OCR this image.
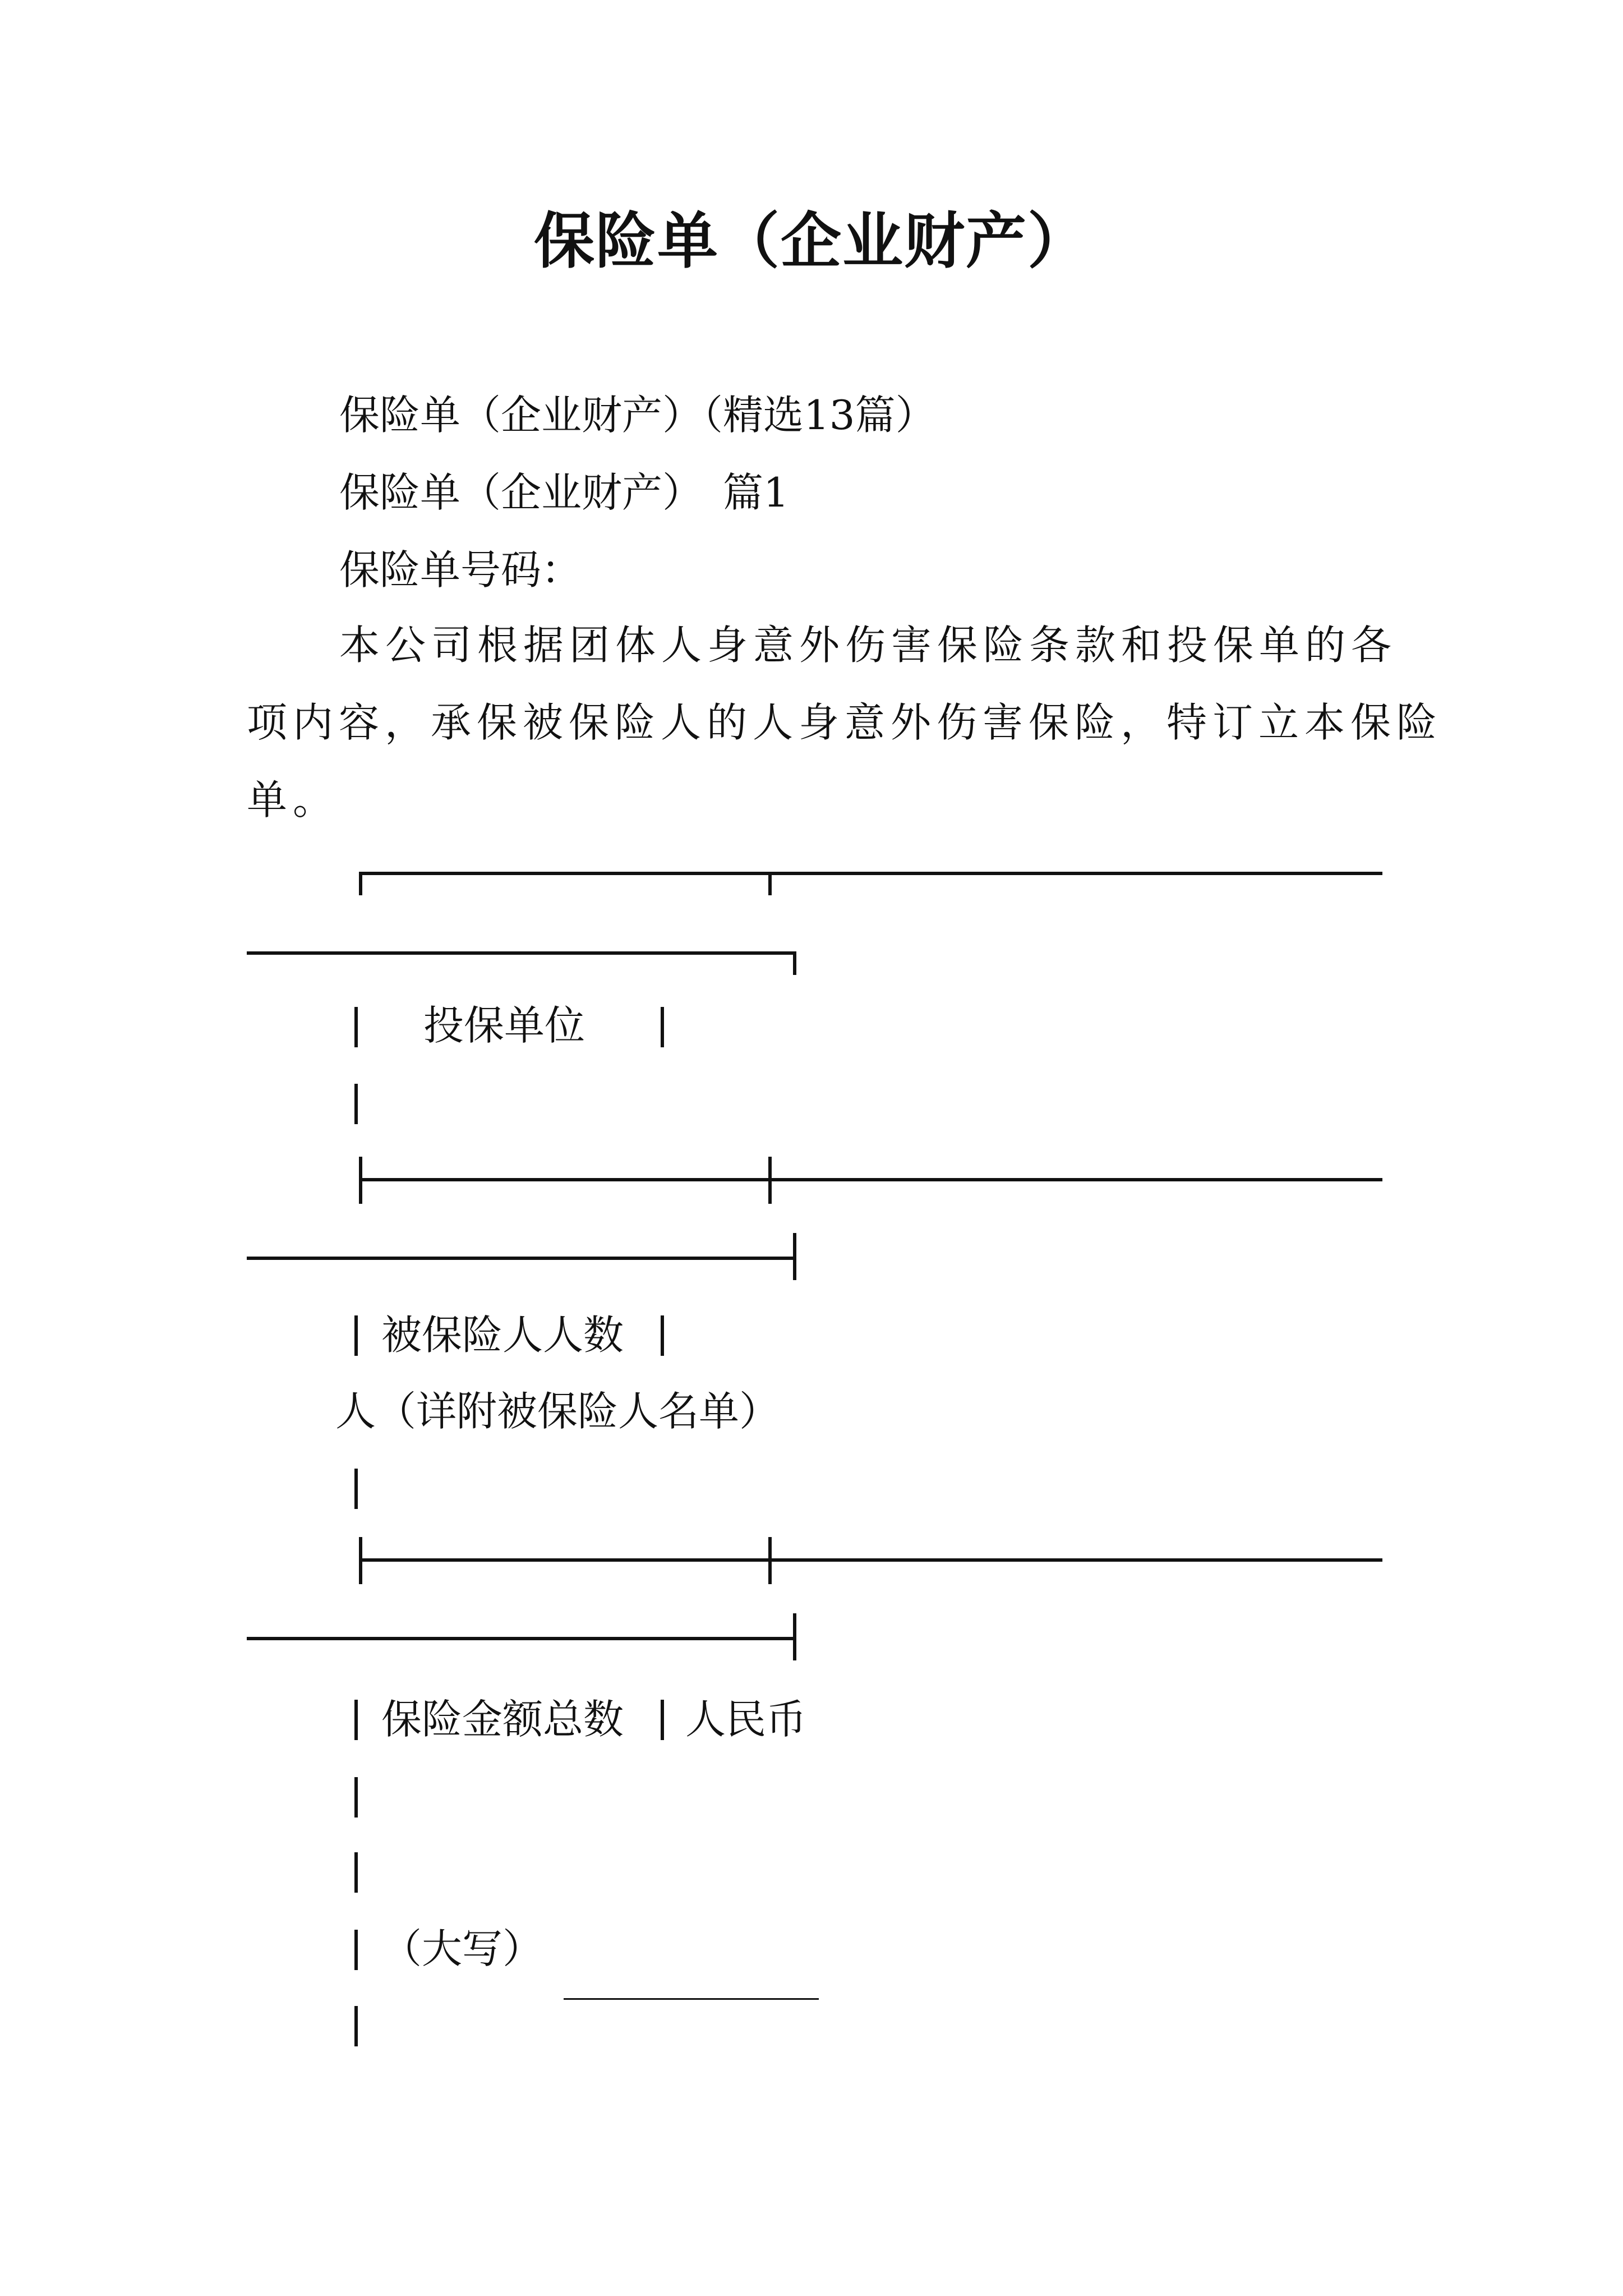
保险单（企业财产）
保险单（企业财产）（精选13篇）
保险单（企业财产）　篇1
保险单号码：
本公司根据团体人身意外伤害保险条款和投保单的各
项内容，承保被保险人的人身意外伤害保险，特订立本保险
单。
投保单位
被保险人人数
人（详附被保险人名单）
保险金额总数 人民币
（大写）
